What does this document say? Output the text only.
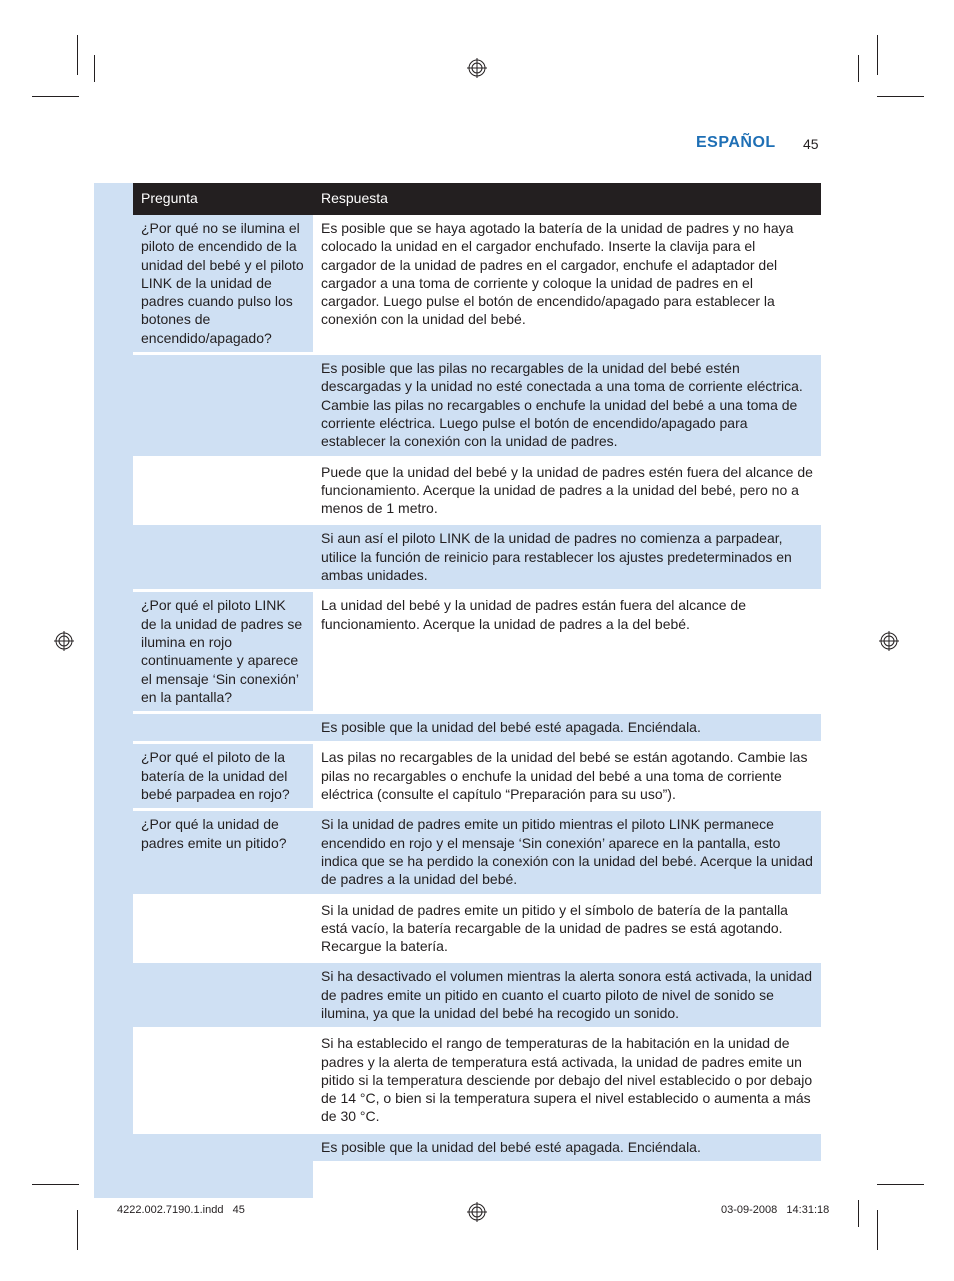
ESPAÑOL 45
Pregunta	Respuesta
¿Por qué no se ilumina el piloto de encendido de la unidad del bebé y el piloto LINK de la unidad de padres cuando pulso los botones de encendido/apagado?	Es posible que se haya agotado la batería de la unidad de padres y no haya colocado la unidad en el cargador enchufado. Inserte la clavija para el cargador de la unidad de padres en el cargador, enchufe el adaptador del cargador a una toma de corriente y coloque la unidad de padres en el cargador. Luego pulse el botón de encendido/apagado para establecer la conexión con la unidad del bebé.
	Es posible que las pilas no recargables de la unidad del bebé estén descargadas y la unidad no esté conectada a una toma de corriente eléctrica. Cambie las pilas no recargables o enchufe la unidad del bebé a una toma de corriente eléctrica. Luego pulse el botón de encendido/apagado para establecer la conexión con la unidad de padres.
	Puede que la unidad del bebé y la unidad de padres estén fuera del alcance de funcionamiento. Acerque la unidad de padres a la unidad del bebé, pero no a menos de 1 metro.
	Si aun así el piloto LINK de la unidad de padres no comienza a parpadear, utilice la función de reinicio para restablecer los ajustes predeterminados en ambas unidades.
¿Por qué el piloto LINK de la unidad de padres se ilumina en rojo continuamente y aparece el mensaje ‘Sin conexión’ en la pantalla?	La unidad del bebé y la unidad de padres están fuera del alcance de funcionamiento. Acerque la unidad de padres a la del bebé.
	Es posible que la unidad del bebé esté apagada. Enciéndala.
¿Por qué el piloto de la batería de la unidad del bebé parpadea en rojo?	Las pilas no recargables de la unidad del bebé se están agotando. Cambie las pilas no recargables o enchufe la unidad del bebé a una toma de corriente eléctrica (consulte el capítulo “Preparación para su uso”).
¿Por qué la unidad de padres emite un pitido?	Si la unidad de padres emite un pitido mientras el piloto LINK permanece encendido en rojo y el mensaje ‘Sin conexión’ aparece en la pantalla, esto indica que se ha perdido la conexión con la unidad del bebé. Acerque la unidad de padres a la unidad del bebé.
	Si la unidad de padres emite un pitido y el símbolo de batería de la pantalla está vacío, la batería recargable de la unidad de padres se está agotando. Recargue la batería.
	Si ha desactivado el volumen mientras la alerta sonora está activada, la unidad de padres emite un pitido en cuanto el cuarto piloto de nivel de sonido se ilumina, ya que la unidad del bebé ha recogido un sonido.
	Si ha establecido el rango de temperaturas de la habitación en la unidad de padres y la alerta de temperatura está activada, la unidad de padres emite un pitido si la temperatura desciende por debajo del nivel establecido o por debajo de 14 °C, o bien si la temperatura supera el nivel establecido o aumenta a más de 30 °C.
	Es posible que la unidad del bebé esté apagada. Enciéndala.
4222.002.7190.1.indd   45	03-09-2008   14:31:18
